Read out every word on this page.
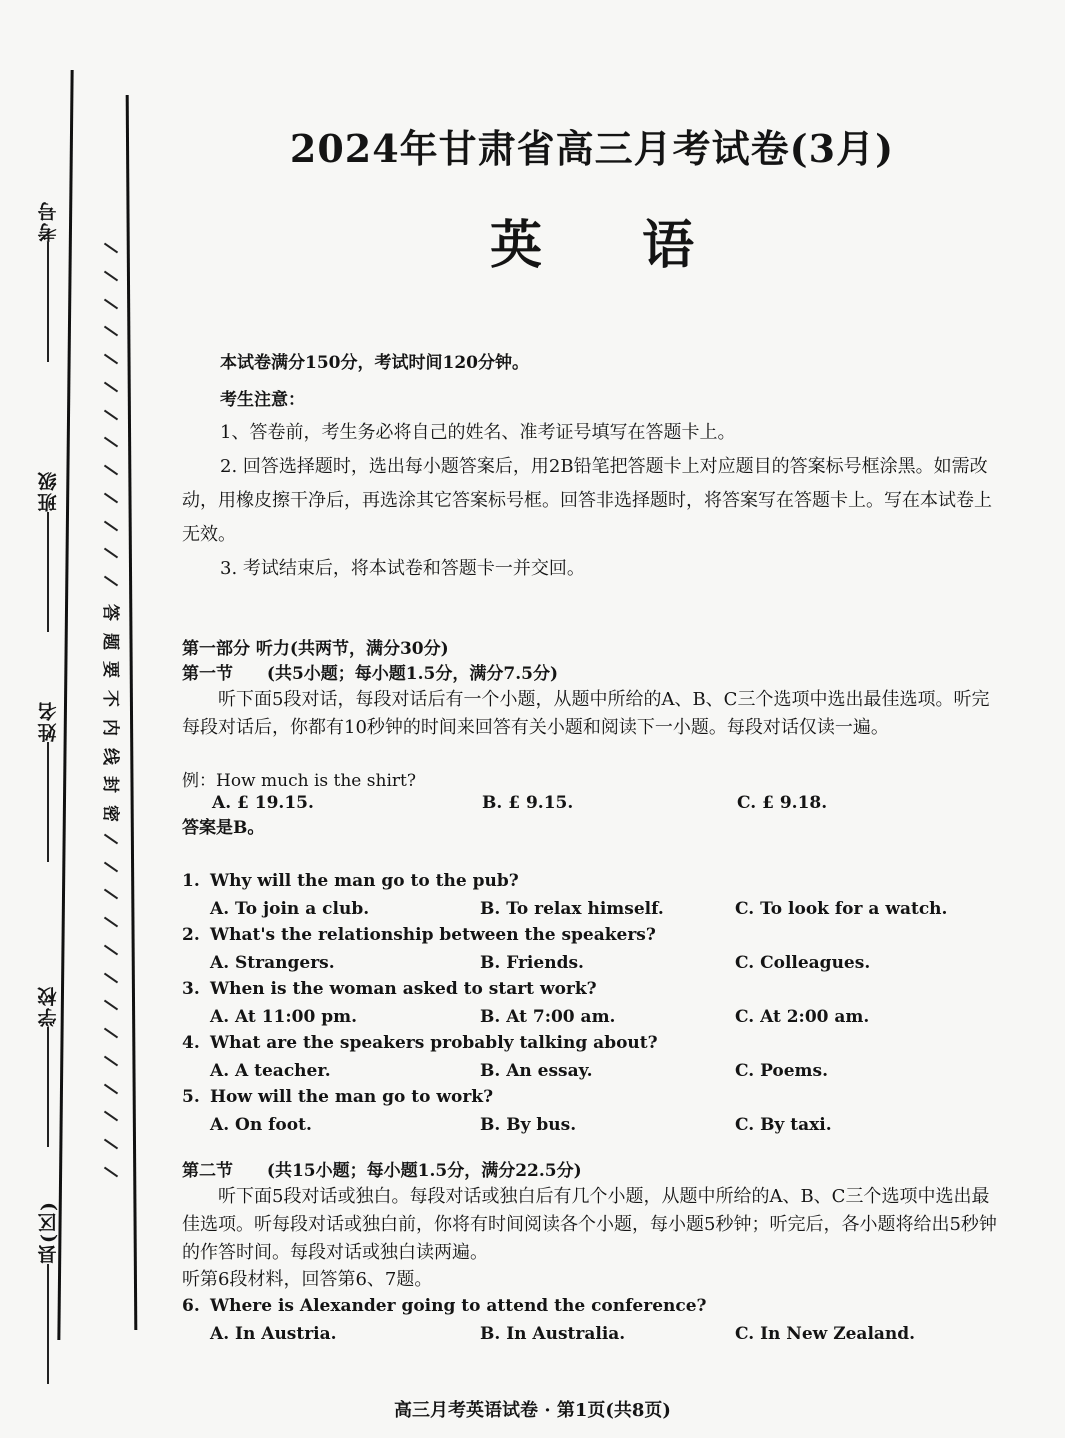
考号
班级
姓名
学校
县(区)
答
题
要
不
内
线
封
密
2024年甘肃省高三月考试卷(3月)
英语
本试卷满分150分，考试时间120分钟。
考生注意：

1、答卷前，考生务必将自己的姓名、准考证号填写在答题卡上。

2. 回答选择题时，选出每小题答案后，用2B铅笔把答题卡上对应题目的答案标号框涂黑。如需改动，用橡皮擦干净后，再选涂其它答案标号框。回答非选择题时，将答案写在答题卡上。写在本试卷上无效。

3. 考试结束后，将本试卷和答题卡一并交回。

第一部分 听力(共两节，满分30分)
第一节 (共5小题；每小题1.5分，满分7.5分)

听下面5段对话，每段对话后有一个小题，从题中所给的A、B、C三个选项中选出最佳选项。听完每段对话后，你都有10秒钟的时间来回答有关小题和阅读下一小题。每段对话仅读一遍。

例：How much is the shirt?
A. £ 19.15.	B. £ 9.15.	C. £ 9.18.
答案是B。
1. Why will the man go to the pub?
A. To join a club.	B. To relax himself.	C. To look for a watch.
2. What's the relationship between the speakers?
A. Strangers.	B. Friends.	C. Colleagues.
3. When is the woman asked to start work?
A. At 11:00 pm.	B. At 7:00 am.	C. At 2:00 am.
4. What are the speakers probably talking about?
A. A teacher.	B. An essay.	C. Poems.
5. How will the man go to work?
A. On foot.	B. By bus.	C. By taxi.
第二节 (共15小题；每小题1.5分，满分22.5分)

听下面5段对话或独白。每段对话或独白后有几个小题，从题中所给的A、B、C三个选项中选出最佳选项。听每段对话或独白前，你将有时间阅读各个小题，每小题5秒钟；听完后，各小题将给出5秒钟的作答时间。每段对话或独白读两遍。

听第6段材料，回答第6、7题。
6. Where is Alexander going to attend the conference?
A. In Austria.	B. In Australia.	C. In New Zealand.
高三月考英语试卷 · 第1页(共8页)
